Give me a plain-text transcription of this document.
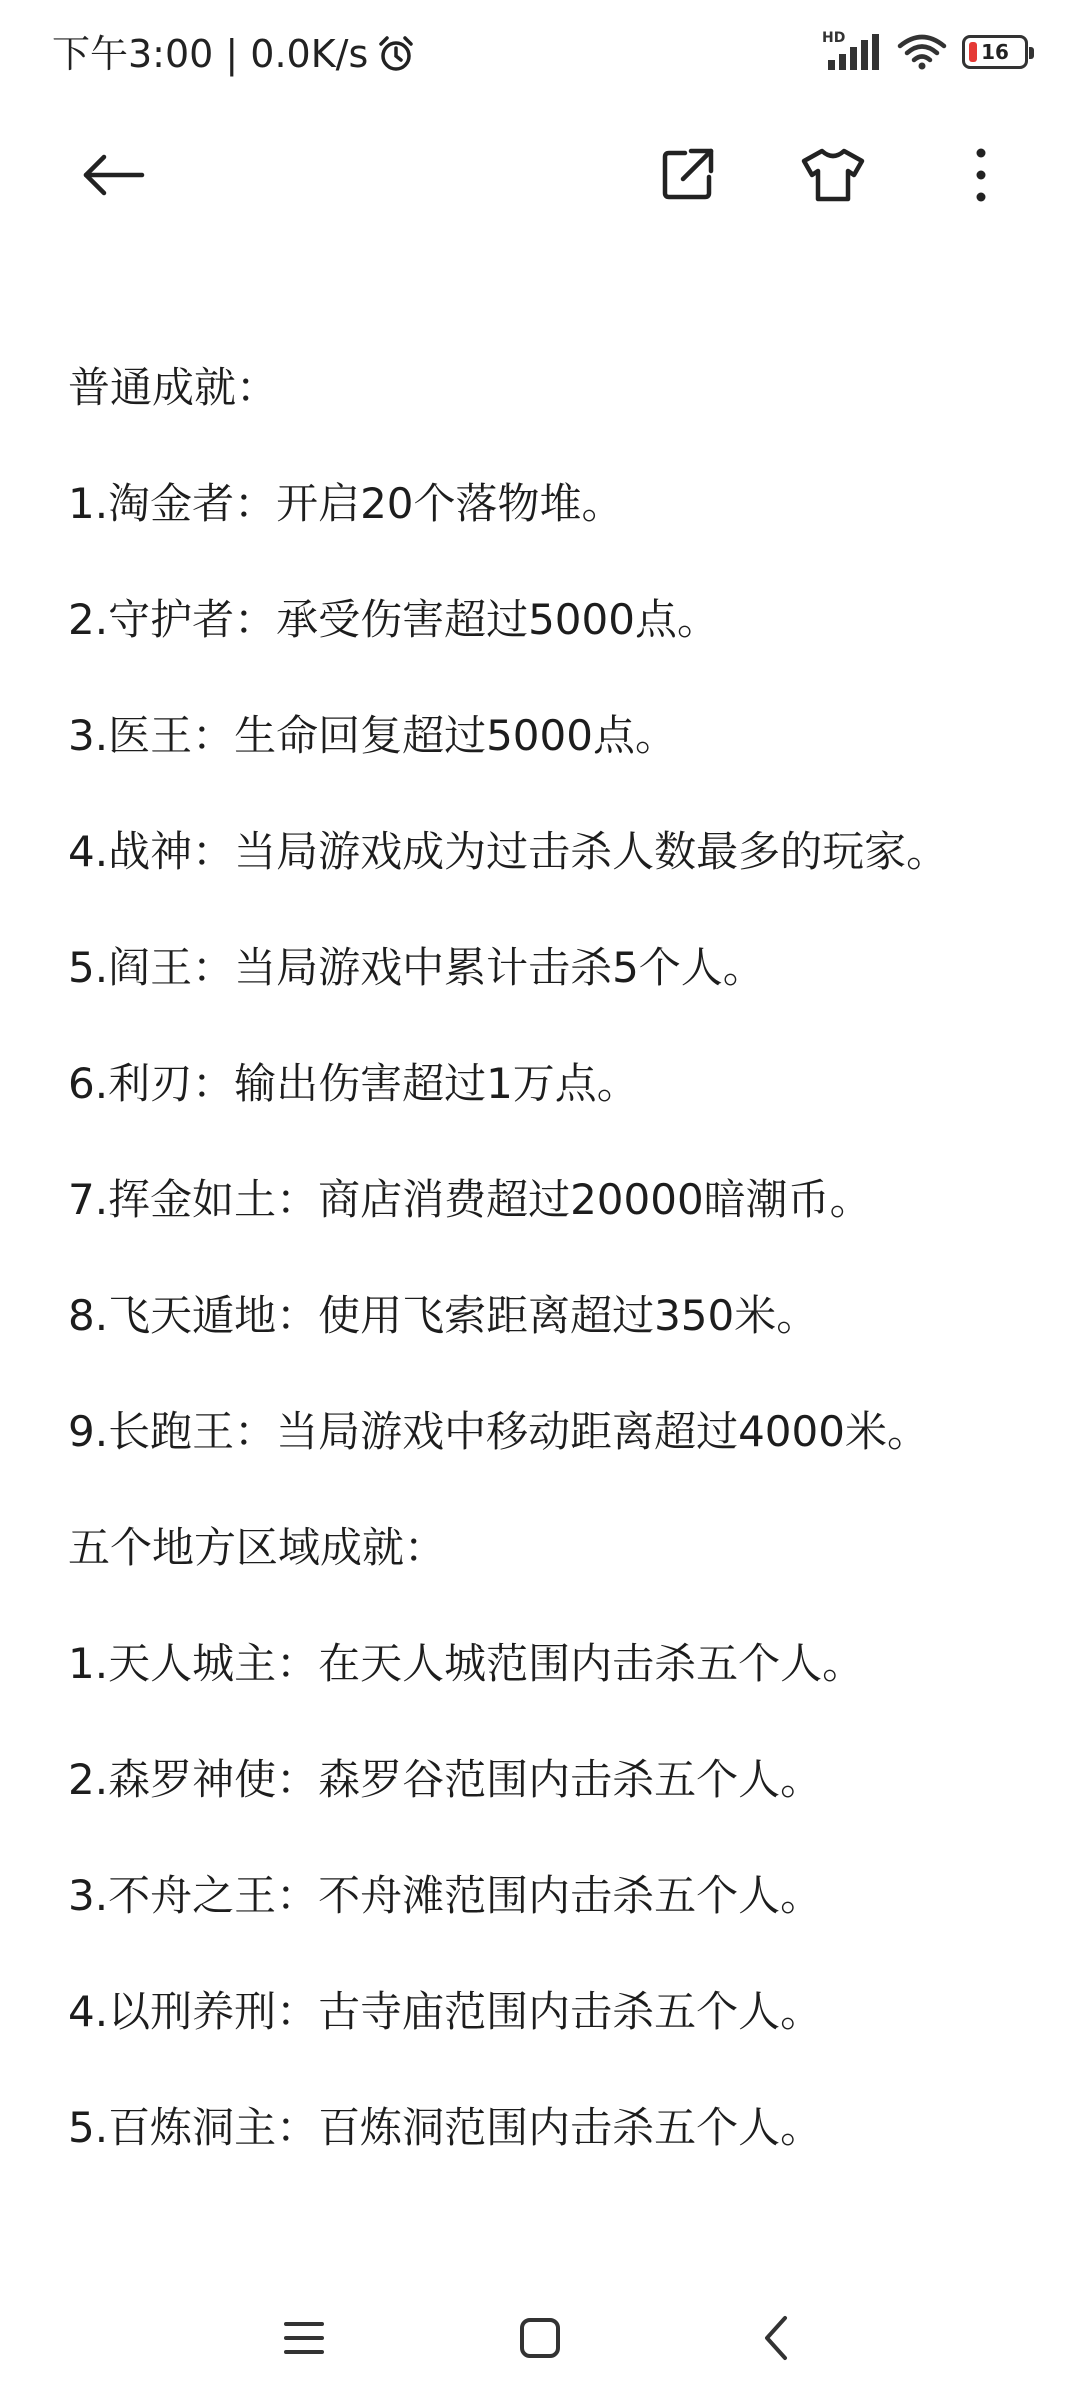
下午3:00 | 0.0K/s	HD
16
普通成就：
1.淘金者：开启20个落物堆。
2.守护者：承受伤害超过5000点。
3.医王：生命回复超过5000点。
4.战神：当局游戏成为过击杀人数最多的玩家。
5.阎王：当局游戏中累计击杀5个人。
6.利刃：输出伤害超过1万点。
7.挥金如土：商店消费超过20000暗潮币。
8.飞天遁地：使用飞索距离超过350米。
9.长跑王：当局游戏中移动距离超过4000米。
五个地方区域成就：
1.天人城主：在天人城范围内击杀五个人。
2.森罗神使：森罗谷范围内击杀五个人。
3.不舟之王：不舟滩范围内击杀五个人。
4.以刑养刑：古寺庙范围内击杀五个人。
5.百炼洞主：百炼洞范围内击杀五个人。
